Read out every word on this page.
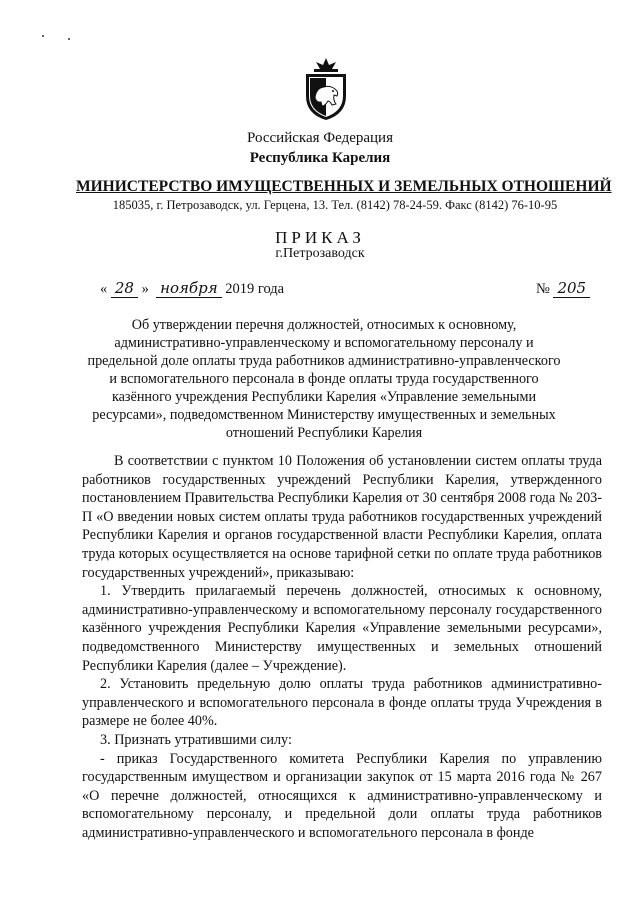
Российская Федерация
Республика Карелия
МИНИСТЕРСТВО ИМУЩЕСТВЕННЫХ И ЗЕМЕЛЬНЫХ ОТНОШЕНИЙ
185035, г. Петрозаводск, ул. Герцена, 13. Тел. (8142) 78-24-59. Факс (8142) 76-10-95
ПРИКАЗ
г.Петрозаводск
« 28 » ноября 2019 года	№ 205
Об утверждении перечня должностей, относимых к основному, административно-управленческому и вспомогательному персоналу и предельной доле оплаты труда работников административно-управленческого и вспомогательного персонала в фонде оплаты труда государственного казённого учреждения Республики Карелия «Управление земельными ресурсами», подведомственном Министерству имущественных и земельных отношений Республики Карелия

В соответствии с пунктом 10 Положения об установлении систем оплаты труда работников государственных учреждений Республики Карелия, утвержденного постановлением Правительства Республики Карелия от 30 сентября 2008 года № 203-П «О введении новых систем оплаты труда работников государственных учреждений Республики Карелия и органов государственной власти Республики Карелия, оплата труда которых осуществляется на основе тарифной сетки по оплате труда работников государственных учреждений», приказываю:

1. Утвердить прилагаемый перечень должностей, относимых к основному, административно-управленческому и вспомогательному персоналу государственного казённого учреждения Республики Карелия «Управление земельными ресурсами», подведомственного Министерству имущественных и земельных отношений Республики Карелия (далее – Учреждение).

2. Установить предельную долю оплаты труда работников административно-управленческого и вспомогательного персонала в фонде оплаты труда Учреждения в размере не более 40%.

3. Признать утратившими силу:

- приказ Государственного комитета Республики Карелия по управлению государственным имуществом и организации закупок от 15 марта 2016 года № 267 «О перечне должностей, относящихся к административно-управленческому и вспомогательному персоналу, и предельной доли оплаты труда работников административно-управленческого и вспомогательного персонала в фонде
